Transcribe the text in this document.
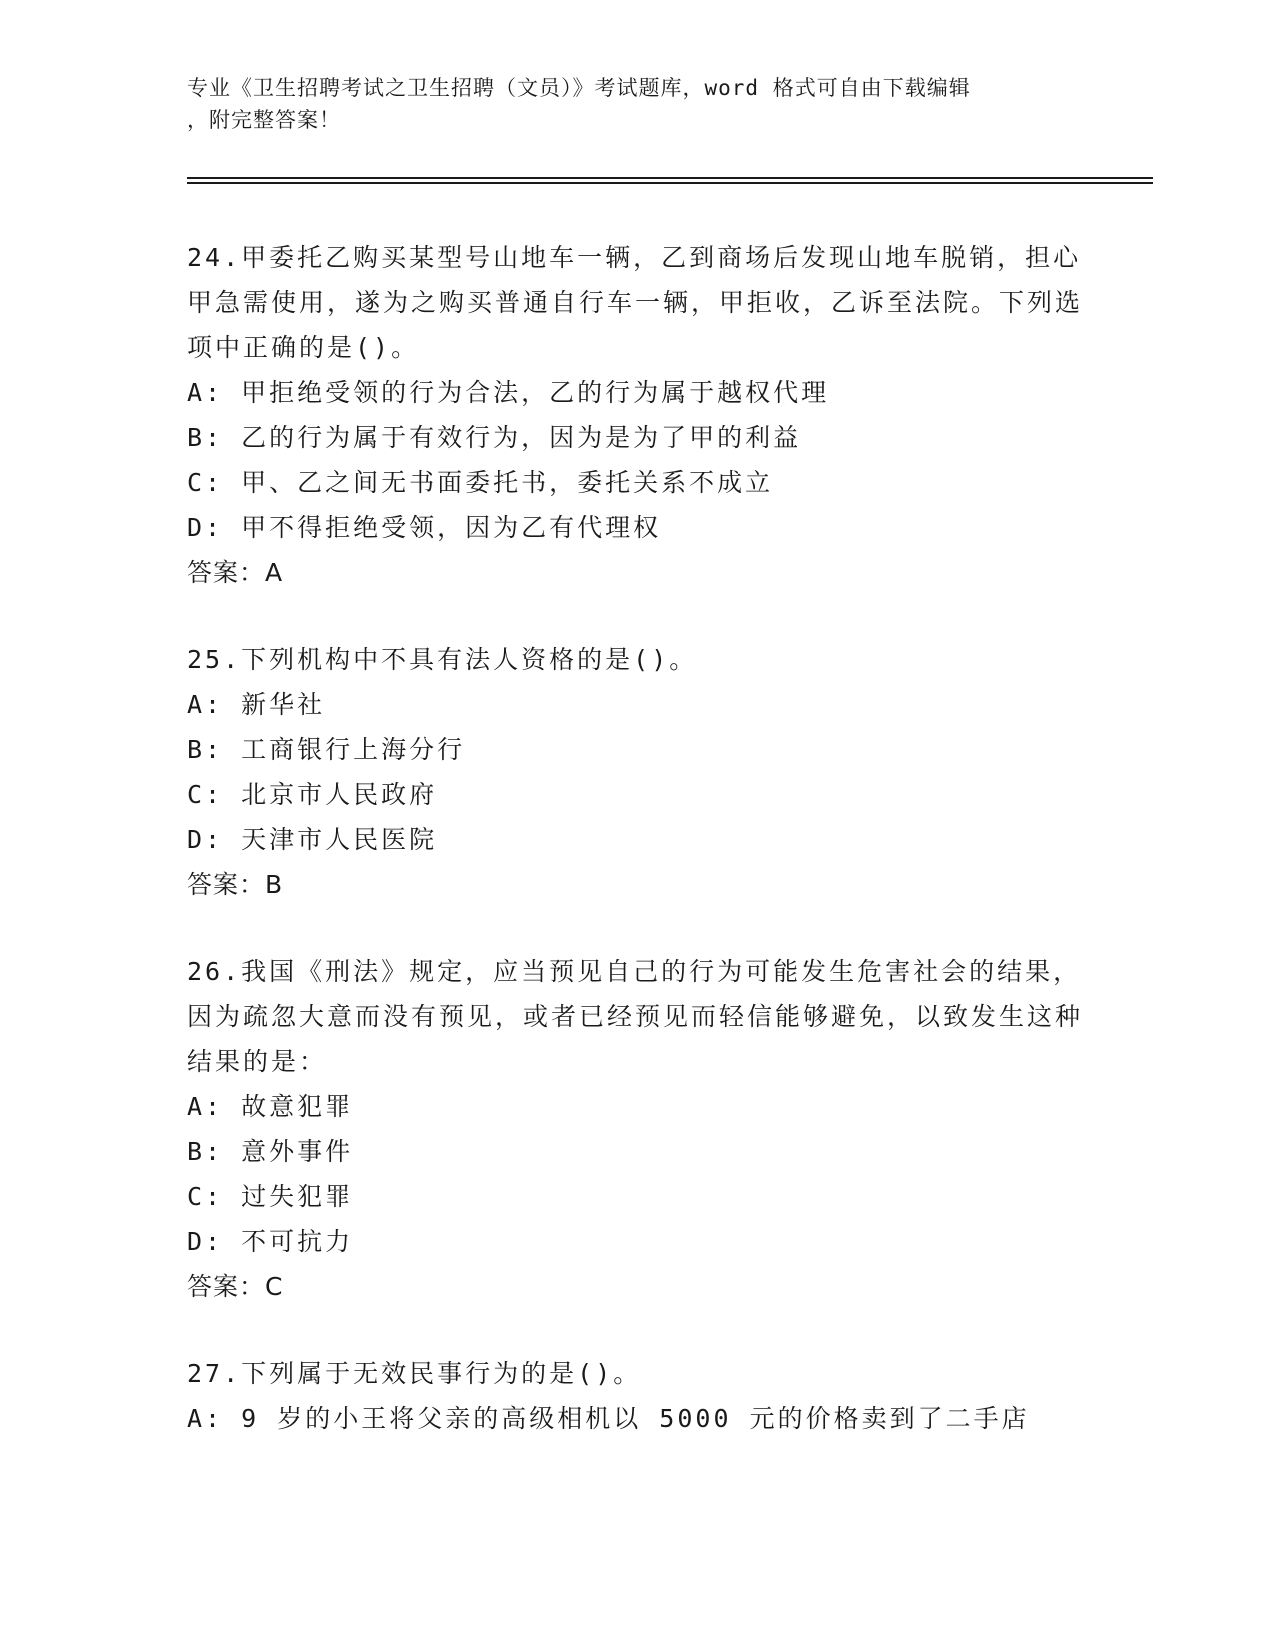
专业《卫生招聘考试之卫生招聘（文员）》考试题库，word 格式可自由下载编辑
，附完整答案！
24.甲委托乙购买某型号山地车一辆，乙到商场后发现山地车脱销，担心甲急需使用，遂为之购买普通自行车一辆，甲拒收，乙诉至法院。下列选项中正确的是()。
A: 甲拒绝受领的行为合法，乙的行为属于越权代理
B: 乙的行为属于有效行为，因为是为了甲的利益
C: 甲、乙之间无书面委托书，委托关系不成立
D: 甲不得拒绝受领，因为乙有代理权
答案：A
25.下列机构中不具有法人资格的是()。
A: 新华社
B: 工商银行上海分行
C: 北京市人民政府
D: 天津市人民医院
答案：B
26.我国《刑法》规定，应当预见自己的行为可能发生危害社会的结果，因为疏忽大意而没有预见，或者已经预见而轻信能够避免，以致发生这种结果的是：
A: 故意犯罪
B: 意外事件
C: 过失犯罪
D: 不可抗力
答案：C
27.下列属于无效民事行为的是()。
A: 9 岁的小王将父亲的高级相机以 5000 元的价格卖到了二手店
